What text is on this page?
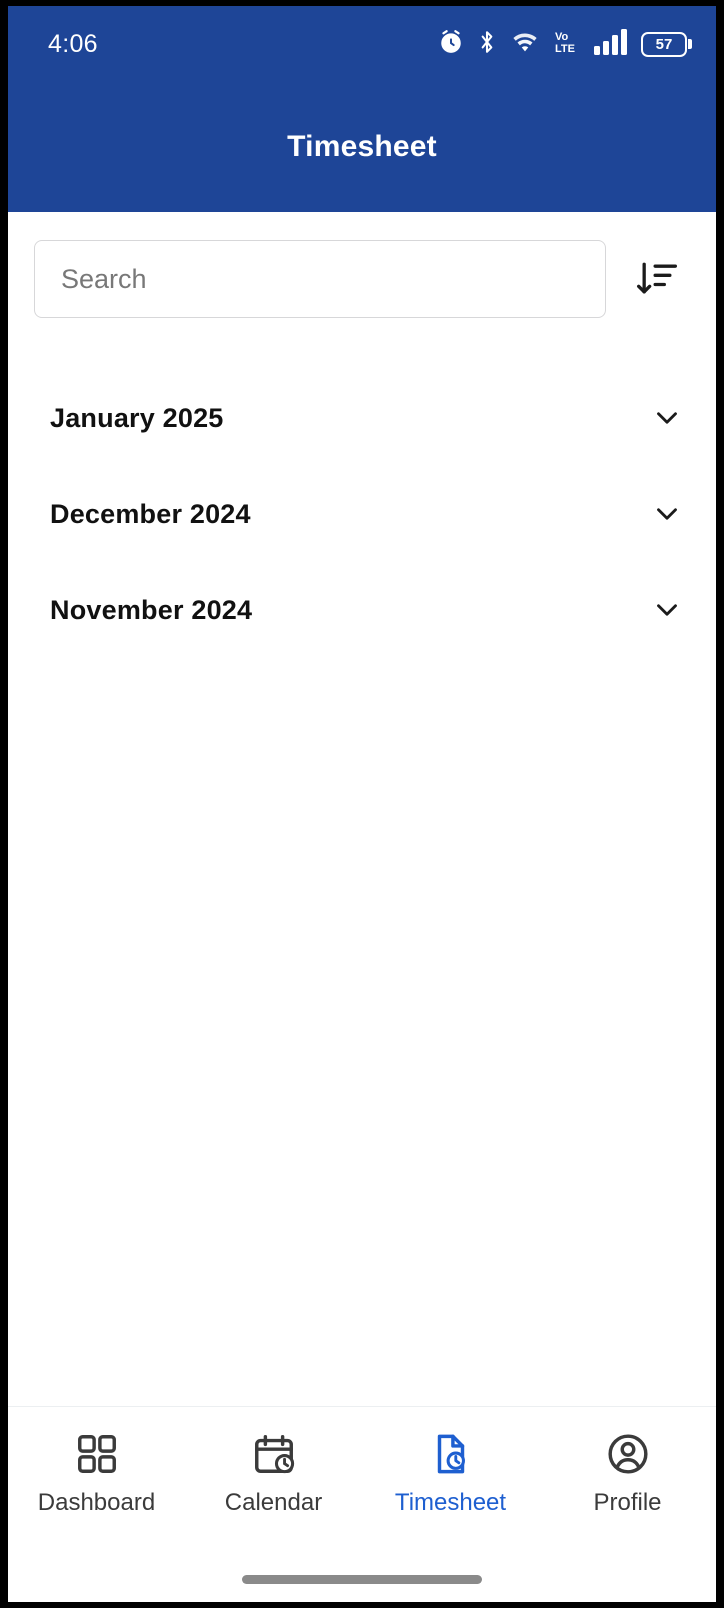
4:06	Vo
LTE	57
Timesheet
Search
January 2025
December 2024
November 2024
Dashboard	Calendar	Timesheet	Profile
